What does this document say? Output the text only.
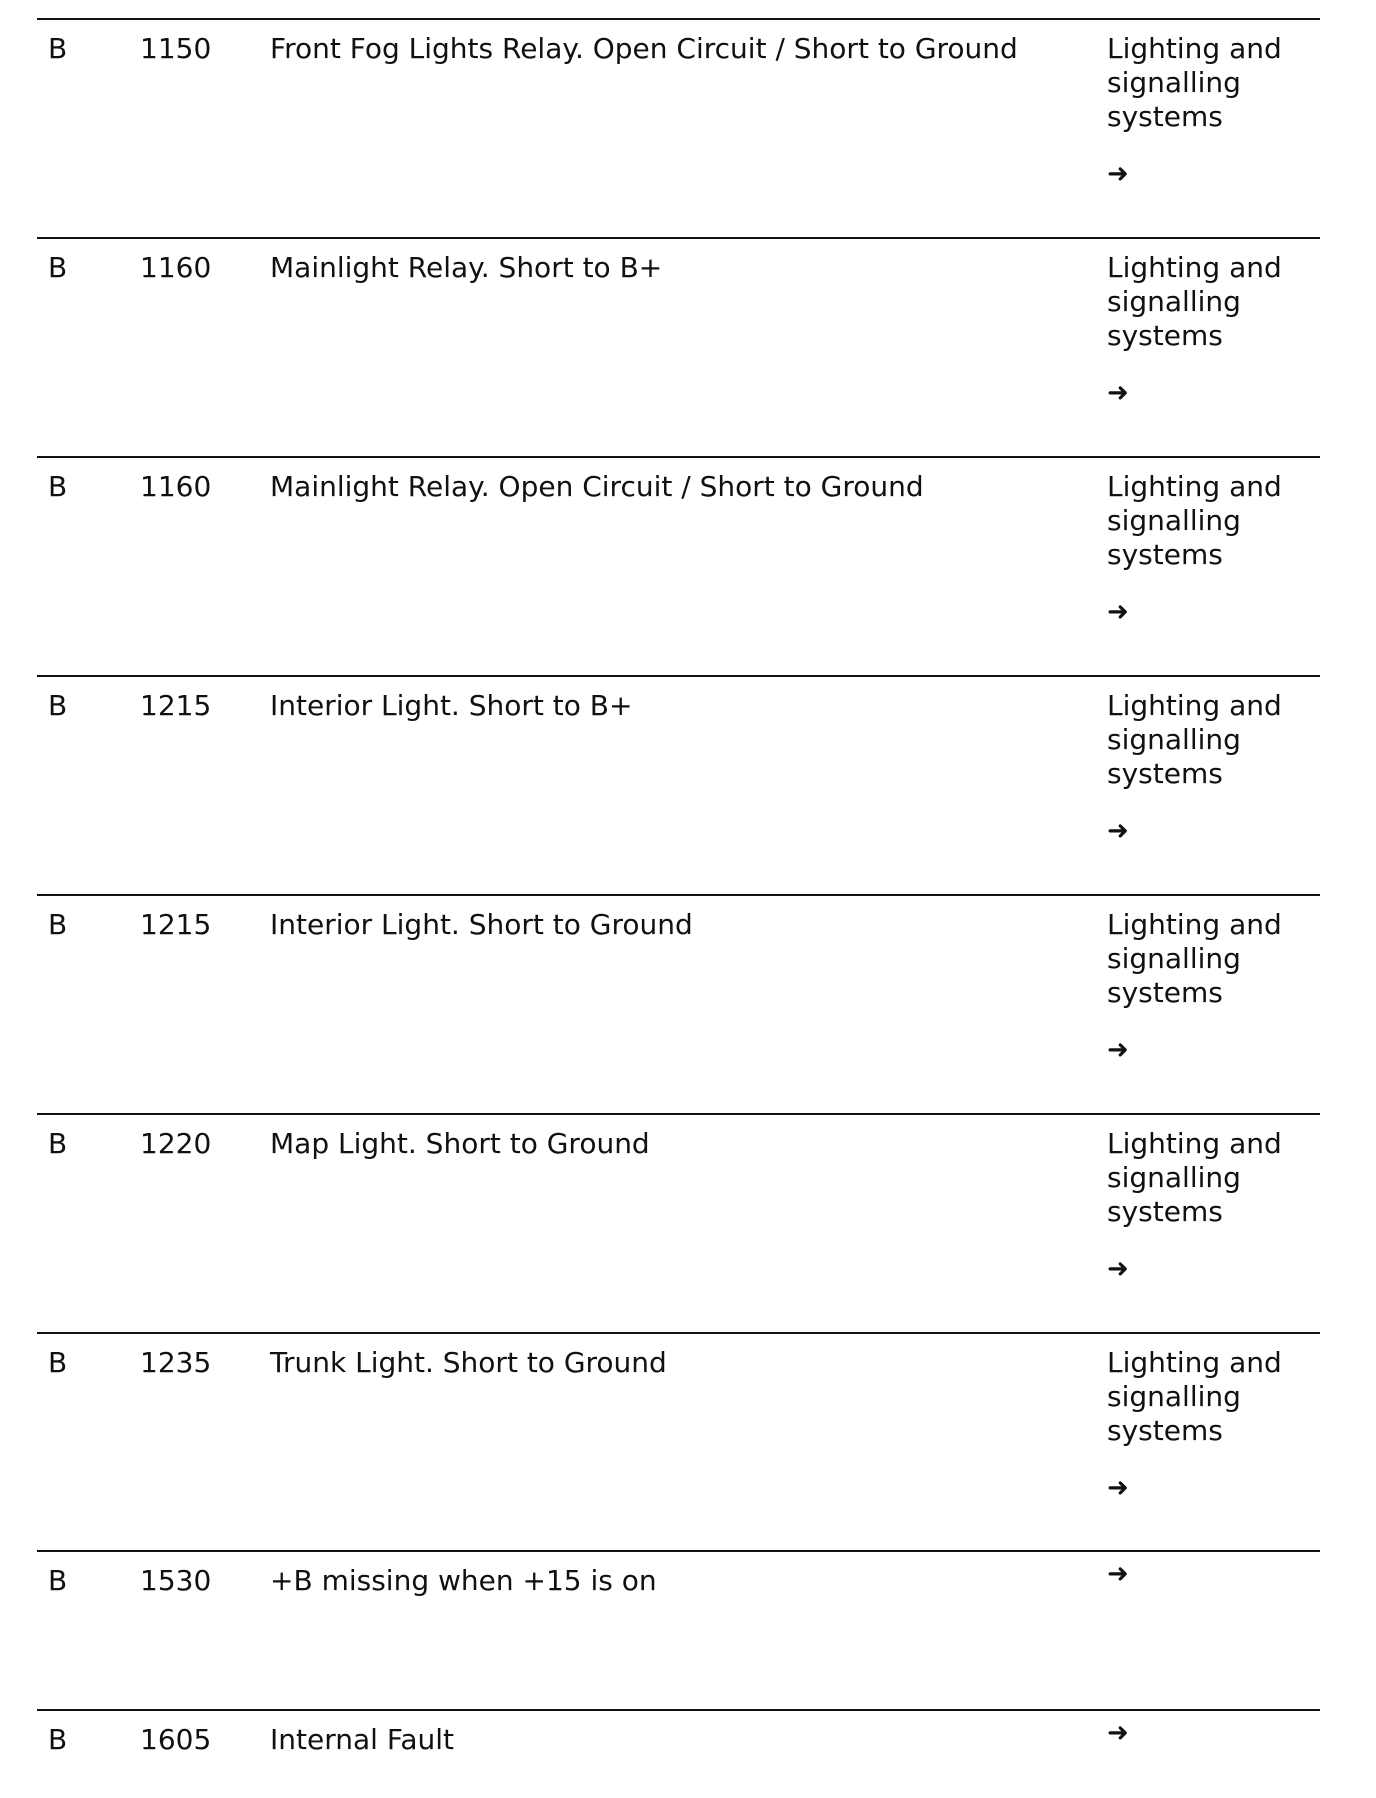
B	1150 Front Fog Lights Relay. Open Circuit / Short to Ground	Lighting and signalling systems
➜
B	1160 Mainlight Relay. Short to B+	Lighting and signalling systems
➜
B	1160 Mainlight Relay. Open Circuit / Short to Ground	Lighting and signalling systems
➜
B	1215 Interior Light. Short to B+	Lighting and signalling systems
➜
B	1215 Interior Light. Short to Ground	Lighting and signalling systems
➜
B	1220 Map Light. Short to Ground	Lighting and signalling systems
➜
B	1235 Trunk Light. Short to Ground	Lighting and signalling systems
➜
B	1530 +B missing when +15 is on	➜
B	1605 Internal Fault	➜
